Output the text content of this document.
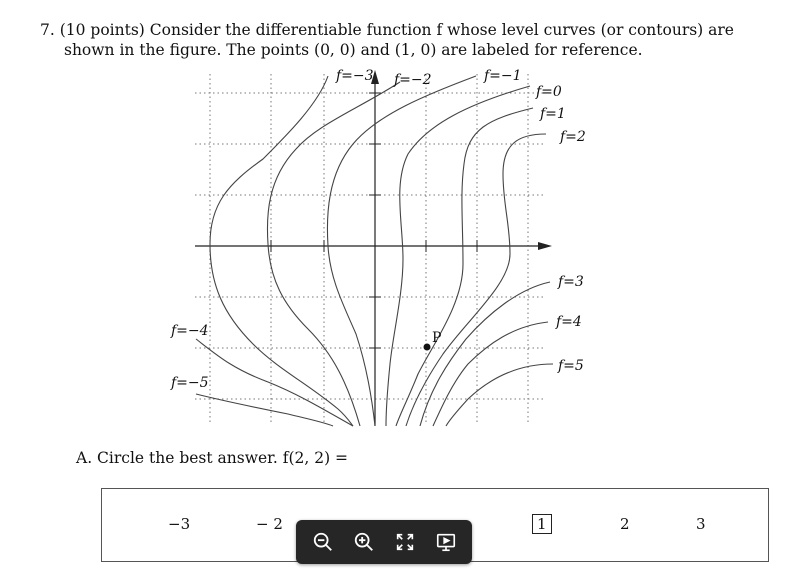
7. (10 points) Consider the differentiable function f whose level curves (or contours) are
shown in the figure. The points (0, 0) and (1, 0) are labeled for reference.
f=−3 f=−2	f=−1
f=0
f=1
f=2
f=3
f=4
f=5
f=−4
f=−5
P
A. Circle the best answer. f(2, 2) =
−3	− 2	1	2	3
